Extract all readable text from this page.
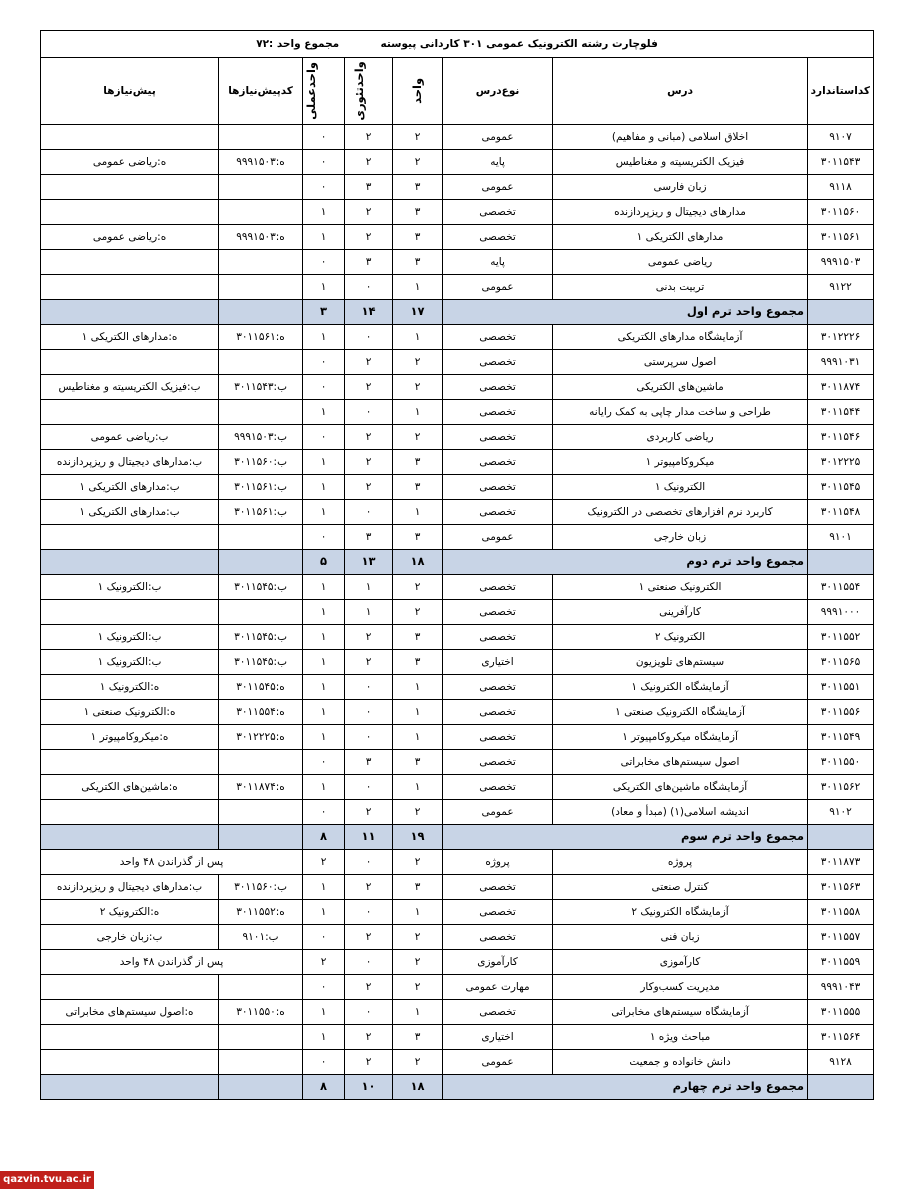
فلوچارت رشته الکترونیک عمومی ۳۰۱ کاردانی پیوسته  مجموع واحد :۷۲							
کداستاندارد	درس	نوع‌درس	واحد	واحدتئوری	واحدعملی	کدپیش‌نیازها	پیش‌نیازها
۹۱۰۷	اخلاق اسلامی (مبانی و مفاهیم)	عمومی	۲	۲	۰		
۳۰۱۱۵۴۳	فیزیک الکتریسیته و مغناطیس	پایه	۲	۲	۰	ه:۹۹۹۱۵۰۳	ه:ریاضی عمومی
۹۱۱۸	زبان فارسی	عمومی	۳	۳	۰		
۳۰۱۱۵۶۰	مدارهای دیجیتال و ریزپردازنده	تخصصی	۳	۲	۱		
۳۰۱۱۵۶۱	مدارهای الکتریکی ۱	تخصصی	۳	۲	۱	ه:۹۹۹۱۵۰۳	ه:ریاضی عمومی
۹۹۹۱۵۰۳	ریاضی عمومی	پایه	۳	۳	۰		
۹۱۲۲	تربیت بدنی	عمومی	۱	۰	۱		
	مجموع واحد ترم اول		۱۷	۱۴	۳		
۳۰۱۲۲۲۶	آزمایشگاه مدارهای الکتریکی	تخصصی	۱	۰	۱	ه:۳۰۱۱۵۶۱	ه:مدارهای الکتریکی ۱
۹۹۹۱۰۳۱	اصول سرپرستی	تخصصی	۲	۲	۰		
۳۰۱۱۸۷۴	ماشین‌های الکتریکی	تخصصی	۲	۲	۰	ب:۳۰۱۱۵۴۳	ب:فیزیک الکتریسیته و مغناطیس
۳۰۱۱۵۴۴	طراحی و ساخت مدار چاپی به کمک رایانه	تخصصی	۱	۰	۱		
۳۰۱۱۵۴۶	ریاضی کاربردی	تخصصی	۲	۲	۰	ب:۹۹۹۱۵۰۳	ب:ریاضی عمومی
۳۰۱۲۲۲۵	میکروکامپیوتر ۱	تخصصی	۳	۲	۱	ب:۳۰۱۱۵۶۰	ب:مدارهای دیجیتال و ریزپردازنده
۳۰۱۱۵۴۵	الکترونیک ۱	تخصصی	۳	۲	۱	ب:۳۰۱۱۵۶۱	ب:مدارهای الکتریکی ۱
۳۰۱۱۵۴۸	کاربرد نرم افزارهای تخصصی در الکترونیک	تخصصی	۱	۰	۱	ب:۳۰۱۱۵۶۱	ب:مدارهای الکتریکی ۱
۹۱۰۱	زبان خارجی	عمومی	۳	۳	۰		
	مجموع واحد ترم دوم		۱۸	۱۳	۵		
۳۰۱۱۵۵۴	الکترونیک صنعتی ۱	تخصصی	۲	۱	۱	ب:۳۰۱۱۵۴۵	ب:الکترونیک ۱
۹۹۹۱۰۰۰	کارآفرینی	تخصصی	۲	۱	۱		
۳۰۱۱۵۵۲	الکترونیک ۲	تخصصی	۳	۲	۱	ب:۳۰۱۱۵۴۵	ب:الکترونیک ۱
۳۰۱۱۵۶۵	سیستم‌های تلویزیون	اختیاری	۳	۲	۱	ب:۳۰۱۱۵۴۵	ب:الکترونیک ۱
۳۰۱۱۵۵۱	آزمایشگاه الکترونیک ۱	تخصصی	۱	۰	۱	ه:۳۰۱۱۵۴۵	ه:الکترونیک ۱
۳۰۱۱۵۵۶	آزمایشگاه الکترونیک صنعتی ۱	تخصصی	۱	۰	۱	ه:۳۰۱۱۵۵۴	ه:الکترونیک صنعتی ۱
۳۰۱۱۵۴۹	آزمایشگاه میکروکامپیوتر ۱	تخصصی	۱	۰	۱	ه:۳۰۱۲۲۲۵	ه:میکروکامپیوتر ۱
۳۰۱۱۵۵۰	اصول سیستم‌های مخابراتی	تخصصی	۳	۳	۰		
۳۰۱۱۵۶۲	آزمایشگاه ماشین‌های الکتریکی	تخصصی	۱	۰	۱	ه:۳۰۱۱۸۷۴	ه:ماشین‌های الکتریکی
۹۱۰۲	اندیشه اسلامی(۱) (مبدأ و معاد)	عمومی	۲	۲	۰		
	مجموع واحد ترم سوم		۱۹	۱۱	۸		
۳۰۱۱۸۷۳	پروژه	پروژه	۲	۰	۲	پس از گذراندن ۴۸ واحد	
۳۰۱۱۵۶۳	کنترل صنعتی	تخصصی	۳	۲	۱	ب:۳۰۱۱۵۶۰	ب:مدارهای دیجیتال و ریزپردازنده
۳۰۱۱۵۵۸	آزمایشگاه الکترونیک ۲	تخصصی	۱	۰	۱	ه:۳۰۱۱۵۵۲	ه:الکترونیک ۲
۳۰۱۱۵۵۷	زبان فنی	تخصصی	۲	۲	۰	ب:۹۱۰۱	ب:زبان خارجی
۳۰۱۱۵۵۹	کارآموزی	کارآموزی	۲	۰	۲	پس از گذراندن ۴۸ واحد	
۹۹۹۱۰۴۳	مدیریت کسب‌وکار	مهارت عمومی	۲	۲	۰		
۳۰۱۱۵۵۵	آزمایشگاه سیستم‌های مخابراتی	تخصصی	۱	۰	۱	ه:۳۰۱۱۵۵۰	ه:اصول سیستم‌های مخابراتی
۳۰۱۱۵۶۴	مباحث ویژه ۱	اختیاری	۳	۲	۱		
۹۱۲۸	دانش خانواده و جمعیت	عمومی	۲	۲	۰		
	مجموع واحد ترم چهارم		۱۸	۱۰	۸		
qazvin.tvu.ac.ir
